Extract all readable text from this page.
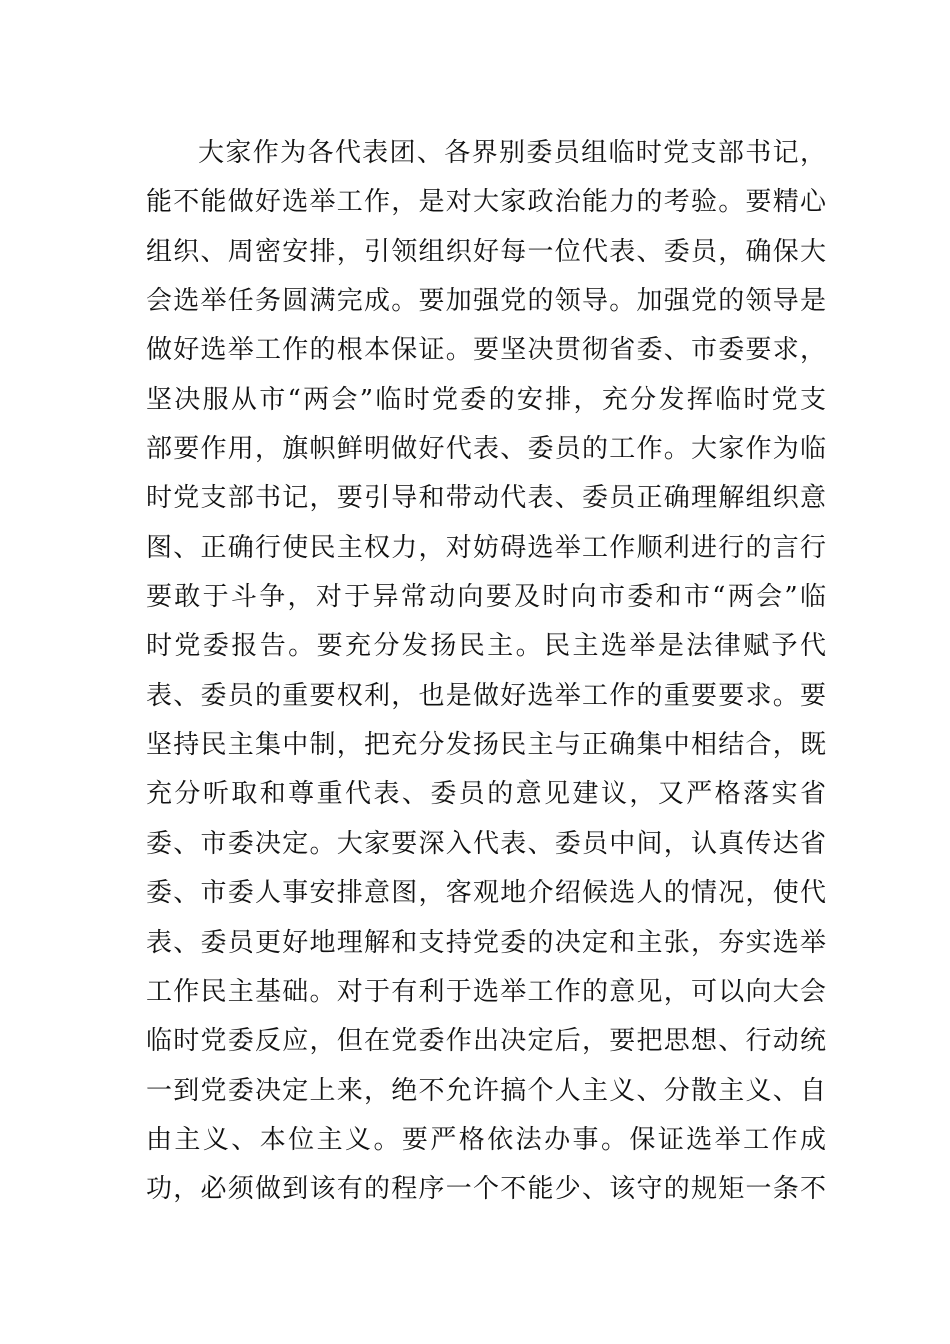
大家作为各代表团、各界别委员组临时党支部书记，
能不能做好选举工作，是对大家政治能力的考验。要精心
组织、周密安排，引领组织好每一位代表、委员，确保大
会选举任务圆满完成。要加强党的领导。加强党的领导是
做好选举工作的根本保证。要坚决贯彻省委、市委要求，
坚决服从市“两会”临时党委的安排，充分发挥临时党支
部要作用，旗帜鲜明做好代表、委员的工作。大家作为临
时党支部书记，要引导和带动代表、委员正确理解组织意
图、正确行使民主权力，对妨碍选举工作顺利进行的言行
要敢于斗争，对于异常动向要及时向市委和市“两会”临
时党委报告。要充分发扬民主。民主选举是法律赋予代
表、委员的重要权利，也是做好选举工作的重要要求。要
坚持民主集中制，把充分发扬民主与正确集中相结合，既
充分听取和尊重代表、委员的意见建议，又严格落实省
委、市委决定。大家要深入代表、委员中间，认真传达省
委、市委人事安排意图，客观地介绍候选人的情况，使代
表、委员更好地理解和支持党委的决定和主张，夯实选举
工作民主基础。对于有利于选举工作的意见，可以向大会
临时党委反应，但在党委作出决定后，要把思想、行动统
一到党委决定上来，绝不允许搞个人主义、分散主义、自
由主义、本位主义。要严格依法办事。保证选举工作成
功，必须做到该有的程序一个不能少、该守的规矩一条不
